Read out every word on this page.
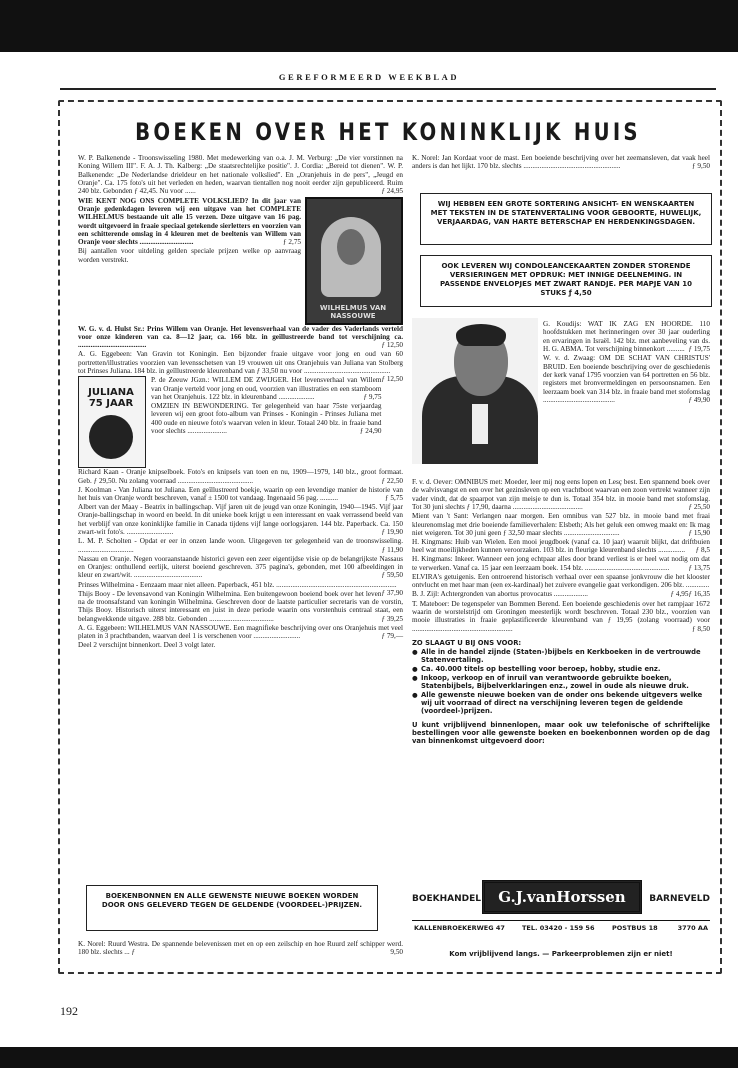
GEREFORMEERD WEEKBLAD
BOEKEN OVER HET KONINKLIJK HUIS

W. P. Balkenende - Troonswisseling 1980. Met medewerking van o.a. J. M. Verburg: „De vier vorstinnen na Koning Willem III". F. A. J. Th. Kalberg: „De staatsrechtelijke positie". J. Cordia: „Bereid tot dienen". W. P. Balkenende: „De Nederlandse drieldeur en het nationale volkslied". En „Oranjehuis in de pers", „Jeugd en Oranje". Ca. 175 foto's uit het verleden en heden, waarvan tientallen nog nooit eerder zijn gepubliceerd. Ruim 240 blz. Gebonden ƒ 42,45. Nu voor ......	ƒ 24,95

WIE KENT NOG ONS COMPLETE VOLKSLIED? In dit jaar van Oranje gedenkdagen leveren wij een uitgave van het COMPLETE WILHELMUS bestaande uit alle 15 verzen. Deze uitgave van 16 pag. wordt uitgevoerd in fraaie speciaal getekende sierletters en voorzien van een schitterende omslag in 4 kleuren met de beeltenis van Willem van Oranje voor slechts ..............................	ƒ 2,75

Bij aantallen voor uitdeling gelden speciale prijzen welke op aanvraag worden verstrekt.

WILHELMUS VAN NASSOUWE

W. G. v. d. Hulst Sr.: Prins Willem van Oranje. Het levensverhaal van de vader des Vaderlands verteld voor onze kinderen van ca. 8—12 jaar, ca. 166 blz. in geïllustreerde band tot verschijning ca. ......................................	ƒ 12,50

A. G. Eggebeen: Van Gravin tot Koningin. Een bijzonder fraaie uitgave voor jong en oud van 60 portretten/illustraties voorzien van levensschetsen van 19 vrouwen uit ons Oranjehuis van Juliana van Stolberg tot Prinses Juliana. 184 blz. in geïllustreerde kleurenband van ƒ 33,50 nu voor ................................................
ƒ 12,50

JULIANA 75 JAAR

P. de Zeeuw JGzn.: WILLEM DE ZWIJGER. Het levensverhaal van Willem van Oranje verteld voor jong en oud, voorzien van illustraties en een stamboom van het Oranjehuis. 122 blz. in kleurenband ....................	ƒ 9,75

OMZIEN IN BEWONDERING. Ter gelegenheid van haar 75ste verjaardag leveren wij een groot foto-album van Prinses - Koningin - Prinses Juliana met 400 oude en nieuwe foto's waarvan velen in kleur. Totaal 240 blz. in fraaie band voor slechts ......................	ƒ 24,90

Richard Kaan - Oranje knipselboek. Foto's en knipsels van toen en nu, 1909—1979, 140 blz., groot formaat. Geb. ƒ 29,50. Nu zolang voorraad ..........................................	ƒ 22,50

J. Koolman - Van Juliana tot Juliana. Een geïllustreerd boekje, waarin op een levendige manier de historie van het huis van Oranje wordt beschreven, vanaf ± 1500 tot vandaag. Ingenaaid 56 pag. ..........	ƒ 5,75

Albert van der Maay - Beatrix in ballingschap. Vijf jaren uit de jeugd van onze Koningin, 1940—1945. Vijf jaar Oranje-ballingschap in woord en beeld. In dit unieke boek krijgt u een interessant en vaak verrassend beeld van het verblijf van onze koninklijke familie in Canada tijdens vijf lange oorlogsjaren. 144 blz. Paperback. Ca. 150 zwart-wit foto's. ..........................	ƒ 19,90

L. M. P. Scholten - Opdat er eer in onzen lande woon. Uitgegeven ter gelegenheid van de troonswisseling. ...............................	ƒ 11,90

Nassau en Oranje. Negen vooraanstaande historici geven een zeer eigentijdse visie op de belangrijkste Nassaus en Oranjes: onthullend eerlijk, uiterst boeiend geschreven. 375 pagina's, gebonden, met 100 afbeeldingen in kleur en zwart/wit. ......................................	ƒ 59,50

Prinses Wilhelmina - Eenzaam maar niet alleen. Paperback, 451 blz. ...................................................................
ƒ 37,90

Thijs Booy - De levensavond van Koningin Wilhelmina. Een buitengewoon boeiend boek over het leven na de troonsafstand van koningin Wilhelmina. Geschreven door de laatste particulier secretaris van de vorstin, Thijs Booy. Historisch uiterst interessant en juist in deze periode waarin ons vorstenhuis centraal staat, een belangwekkende uitgave. 288 blz. Gebonden ....................................	ƒ 39,25

A. G. Eggebeen: WILHELMUS VAN NASSOUWE. Een magnifieke beschrijving over ons Oranjehuis met veel platen in 3 prachtbanden, waarvan deel 1 is verschenen voor ..........................	ƒ 79,—

Deel 2 verschijnt binnenkort. Deel 3 volgt later.

BOEKENBONNEN EN ALLE GEWENSTE NIEUWE BOEKEN WORDEN DOOR ONS GELEVERD TEGEN DE GELDENDE (VOORDEEL-)PRIJZEN.

K. Norel: Ruurd Westra. De spannende belevenissen met en op een zeilschip en hoe Ruurd zelf schipper werd. 180 blz. slechts ... ƒ	9,50

K. Norel: Jan Kordaat voor de mast. Een boeiende beschrijving over het zeemansleven, dat vaak heel anders is dan het lijkt. 170 blz. slechts ......................................................	ƒ 9,50

WIJ HEBBEN EEN GROTE SORTERING ANSICHT- EN WENSKAARTEN MET TEKSTEN IN DE STATENVERTALING VOOR GEBOORTE, HUWELIJK, VERJAARDAG, VAN HARTE BETERSCHAP EN HERDENKINGSDAGEN.
OOK LEVEREN WIJ CONDOLEANCEKAARTEN ZONDER STORENDE VERSIERINGEN MET OPDRUK: MET INNIGE DEELNEMING. IN PASSENDE ENVELOPJES MET ZWART RANDJE. PER MAPJE VAN 10 STUKS ƒ 4,50

G. Koudijs: WAT IK ZAG EN HOORDE. 110 hoofdstukken met herinneringen over 30 jaar ouderling en ervaringen in Israël. 142 blz. met aanbeveling van ds. H. G. ABMA. Tot verschijning binnenkort .......... ƒ 19,75

W. v. d. Zwaag: OM DE SCHAT VAN CHRISTUS' BRUID. Een boeiende beschrijving over de geschiedenis der kerk vanaf 1795 voorzien van 64 portretten en 56 blz. registers met bronvermeldingen en persoonsnamen. Een leerzaam boek van 314 blz. in fraaie band met stofomslag ........................................	ƒ 49,90

F. v. d. Oever: OMNIBUS met: Moeder, leer mij nog eens lopen en Lesç best. Een spannend boek over de walvisvangst en een over het gezinsleven op een vrachtboot waarvan een zoon vertrekt wanneer zijn vader vindt, dat de spaarpot van zijn meisje te dun is. Totaal 354 blz. in mooie band met stofomslag. Tot 30 juni slechts ƒ 17,90, daarna .......................................	ƒ 25,50

Mient van 't Sant: Verlangen naar morgen. Een omnibus van 527 blz. in mooie band met fraai kleurenomslag met drie boeiende familieverhalen: Elsbeth; Als het geluk een omweg maakt en: Ik mag niet weigeren. Tot 30 juni geen ƒ 32,50 maar slechts ...............................	ƒ 15,90

H. Kingmans: Huib van Wielen. Een mooi jeugdboek (vanaf ca. 10 jaar) waaruit blijkt, dat driftbuien heel wat moeilijkheden kunnen veroorzaken. 103 blz. in fleurige kleurenband slechts ............... ƒ 8,5

H. Kingmans: Inkeer. Wanneer een jong echtpaar alles door brand verliest is er heel wat nodig om dat te verwerken. Vanaf ca. 15 jaar een leerzaam boek. 154 blz. ...............................................	ƒ 13,75

ELVIRA's getuigenis. Een ontroerend historisch verhaal over een spaanse jonkvrouw die het klooster ontvlucht en met haar man (een ex-kardinaal) het zuivere evangelie gaat verkondigen. 206 blz. .............
ƒ 16,35

B. J. Zijl: Achtergronden van abortus provocatus ...................	ƒ 4,95

T. Mateboer: De tegenspeler van Bommen Berend. Een boeiende geschiedenis over het rampjaar 1672 waarin de worstelstrijd om Groningen meesterlijk wordt beschreven. Totaal 230 blz., voorzien van mooie illustraties in fraaie geplastificeerde kleurenband van ƒ 19,95 (zolang voorraad) voor ........................................................	ƒ 8,50

ZO SLAAGT U BIJ ONS VOOR:

● Alle in de handel zijnde (Staten-)bijbels en Kerkboeken in de vertrouwde Statenvertaling.
● Ca. 40.000 titels op bestelling voor beroep, hobby, studie enz.
● Inkoop, verkoop en of inruil van verantwoorde gebruikte boeken, Statenbijbels, Bijbelverklaringen enz., zowel in oude als nieuwe druk.
● Alle gewenste nieuwe boeken van de onder ons bekende uitgevers welke wij uit voorraad of direct na verschijning leveren tegen de geldende (voordeel-)prijzen.

U kunt vrijblijvend binnenlopen, maar ook uw telefonische of schriftelijke bestellingen voor alle gewenste boeken en boekenbonnen worden op de dag van binnenkomst uitgevoerd door:

BOEKHANDEL	G.J.vanHorssen	BARNEVELD
KALLENBROEKERWEG 47	TEL. 03420 - 159 56	POSTBUS 18	3770 AA
Kom vrijblijvend langs. — Parkeerproblemen zijn er niet!
192
